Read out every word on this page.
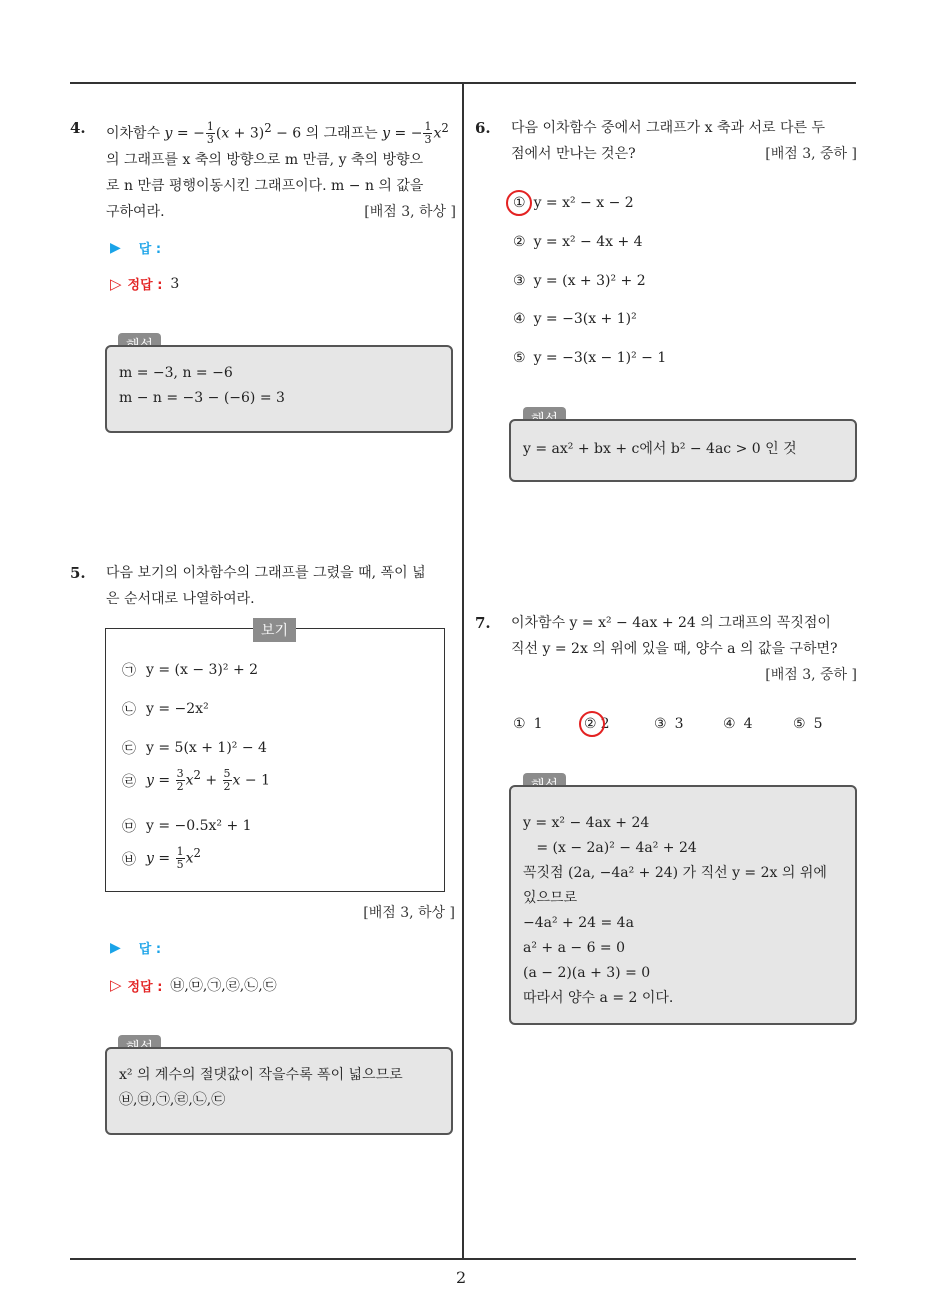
4. 이차함수 y = − $\frac{1}{3} (x + 3)^2 - 6$ 의 그래프는 y = − $\frac{1}{3} x^2$

의 그래프를 x 축의 방향으로 m 만큼, y 축의 방향으

로 n 만큼 평행이동시킨 그래프이다. m − n 의 값을

구하여라.	[배점 3, 하상 ]

▶ 답 :
▷ 정답 : 3
m = −3, n = −6
m − n = −3 − (−6) = 3
5. 다음 보기의 이차함수의 그래프를 그렸을 때, 폭이 넓

은 순서대로 나열하여라.

보기
㉠ y = (x − 3)² + 2
㉡ y = −2x²
㉢ y = 5(x + 1)² − 4
㉣ $y = \frac{3}{2} x^2 + \frac{5}{2}$ x − 1
㉤ y = −0.5x² + 1
㉥ $y = \frac{1}{5} x^2$
[배점 3, 하상 ]
▶ 답 :
▷ 정답 : ㉥,㉤,㉠,㉣,㉡,㉢
x² 의 계수의 절댓값이 작을수록 폭이 넓으므로
㉥,㉤,㉠,㉣,㉡,㉢
6. 다음 이차함수 중에서 그래프가 x 축과 서로 다른 두

점에서 만나는 것은?	[배점 3, 중하 ]

① y = x² − x − 2
② y = x² − 4x + 4
③ y = (x + 3)² + 2
④ y = −3(x + 1)²
⑤ y = −3(x − 1)² − 1
y = ax² + bx + c에서 b² − 4ac > 0 인 것
7. 이차함수 y = x² − 4ax + 24 의 그래프의 꼭짓점이

직선 y = 2x 의 위에 있을 때, 양수 a 의 값을 구하면?

[배점 3, 중하 ]

① 1	② 2	③ 3	④ 4	⑤ 5
y = x² − 4ax + 24
= (x − 2a)² − 4a² + 24
꼭짓점 (2a, −4a² + 24) 가 직선 y = 2x 의 위에
있으므로
−4a² + 24 = 4a
a² + a − 6 = 0
(a − 2)(a + 3) = 0
따라서 양수 a = 2 이다.
2
